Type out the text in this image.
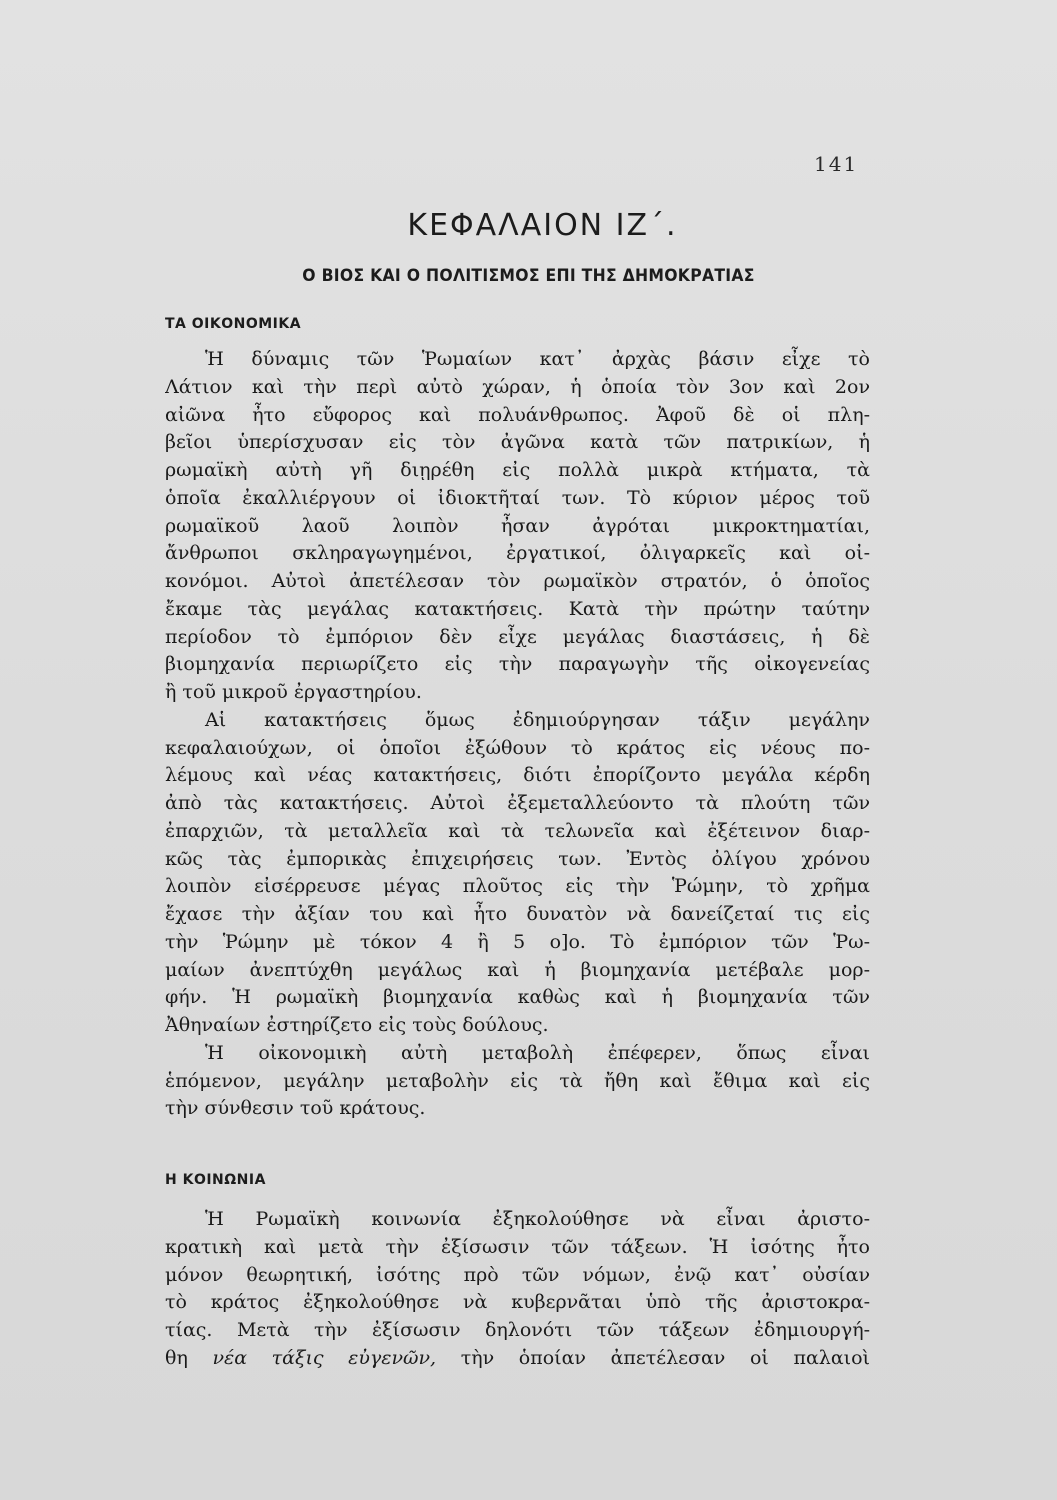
141
ΚΕΦΑΛΑΙΟΝ ΙΖ΄.
Ο ΒΙΟΣ ΚΑΙ Ο ΠΟΛΙΤΙΣΜΟΣ ΕΠΙ ΤΗΣ ΔΗΜΟΚΡΑΤΙΑΣ
ΤΑ ΟΙΚΟΝΟΜΙΚΑ
Ἡ δύναμις τῶν Ῥωμαίων κατ᾽ ἀρχὰς βάσιν εἶχε τὸ
Λάτιον καὶ τὴν περὶ αὐτὸ χώραν, ἡ ὁποία τὸν 3ον καὶ 2ον
αἰῶνα ἦτο εὔφορος καὶ πολυάνθρωπος. Ἀφοῦ δὲ οἱ πλη-
βεῖοι ὑπερίσχυσαν εἰς τὸν ἀγῶνα κατὰ τῶν πατρικίων, ἡ
ρωμαϊκὴ αὐτὴ γῆ διῃρέθη εἰς πολλὰ μικρὰ κτήματα, τὰ
ὁποῖα ἐκαλλιέργουν οἱ ἰδιοκτῆταί των. Τὸ κύριον μέρος τοῦ
ρωμαϊκοῦ λαοῦ λοιπὸν ἦσαν ἀγρόται μικροκτηματίαι,
ἄνθρωποι σκληραγωγημένοι, ἐργατικοί, ὀλιγαρκεῖς καὶ οἰ-
κονόμοι. Αὐτοὶ ἀπετέλεσαν τὸν ρωμαϊκὸν στρατόν, ὁ ὁποῖος
ἔκαμε τὰς μεγάλας κατακτήσεις. Κατὰ τὴν πρώτην ταύτην
περίοδον τὸ ἐμπόριον δὲν εἶχε μεγάλας διαστάσεις, ἡ δὲ
βιομηχανία περιωρίζετο εἰς τὴν παραγωγὴν τῆς οἰκογενείας
ἢ τοῦ μικροῦ ἐργαστηρίου.
Αἱ κατακτήσεις ὅμως ἐδημιούργησαν τάξιν μεγάλην
κεφαλαιούχων, οἱ ὁποῖοι ἐξώθουν τὸ κράτος εἰς νέους πο-
λέμους καὶ νέας κατακτήσεις, διότι ἐπορίζοντο μεγάλα κέρδη
ἀπὸ τὰς κατακτήσεις. Αὐτοὶ ἐξεμεταλλεύοντο τὰ πλούτη τῶν
ἐπαρχιῶν, τὰ μεταλλεῖα καὶ τὰ τελωνεῖα καὶ ἐξέτεινον διαρ-
κῶς τὰς ἐμπορικὰς ἐπιχειρήσεις των. Ἐντὸς ὀλίγου χρόνου
λοιπὸν εἰσέρρευσε μέγας πλοῦτος εἰς τὴν Ῥώμην, τὸ χρῆμα
ἔχασε τὴν ἀξίαν του καὶ ἦτο δυνατὸν νὰ δανείζεταί τις εἰς
τὴν Ῥώμην μὲ τόκον 4 ἢ 5 ο]ο. Τὸ ἐμπόριον τῶν Ῥω-
μαίων ἀνεπτύχθη μεγάλως καὶ ἡ βιομηχανία μετέβαλε μορ-
φήν. Ἡ ρωμαϊκὴ βιομηχανία καθὼς καὶ ἡ βιομηχανία τῶν
Ἀθηναίων ἐστηρίζετο εἰς τοὺς δούλους.
Ἡ οἰκονομικὴ αὐτὴ μεταβολὴ ἐπέφερεν, ὅπως εἶναι
ἑπόμενον, μεγάλην μεταβολὴν εἰς τὰ ἤθη καὶ ἔθιμα καὶ εἰς
τὴν σύνθεσιν τοῦ κράτους.
Η ΚΟΙΝΩΝΙΑ
Ἡ Ρωμαϊκὴ κοινωνία ἐξηκολούθησε νὰ εἶναι ἀριστο-
κρατικὴ καὶ μετὰ τὴν ἐξίσωσιν τῶν τάξεων. Ἡ ἰσότης ἦτο
μόνον θεωρητική, ἰσότης πρὸ τῶν νόμων, ἐνῷ κατ᾽ οὐσίαν
τὸ κράτος ἐξηκολούθησε νὰ κυβερνᾶται ὑπὸ τῆς ἀριστοκρα-
τίας. Μετὰ τὴν ἐξίσωσιν δηλονότι τῶν τάξεων ἐδημιουργή-
θη νέα τάξις εὐγενῶν, τὴν ὁποίαν ἀπετέλεσαν οἱ παλαιοὶ
